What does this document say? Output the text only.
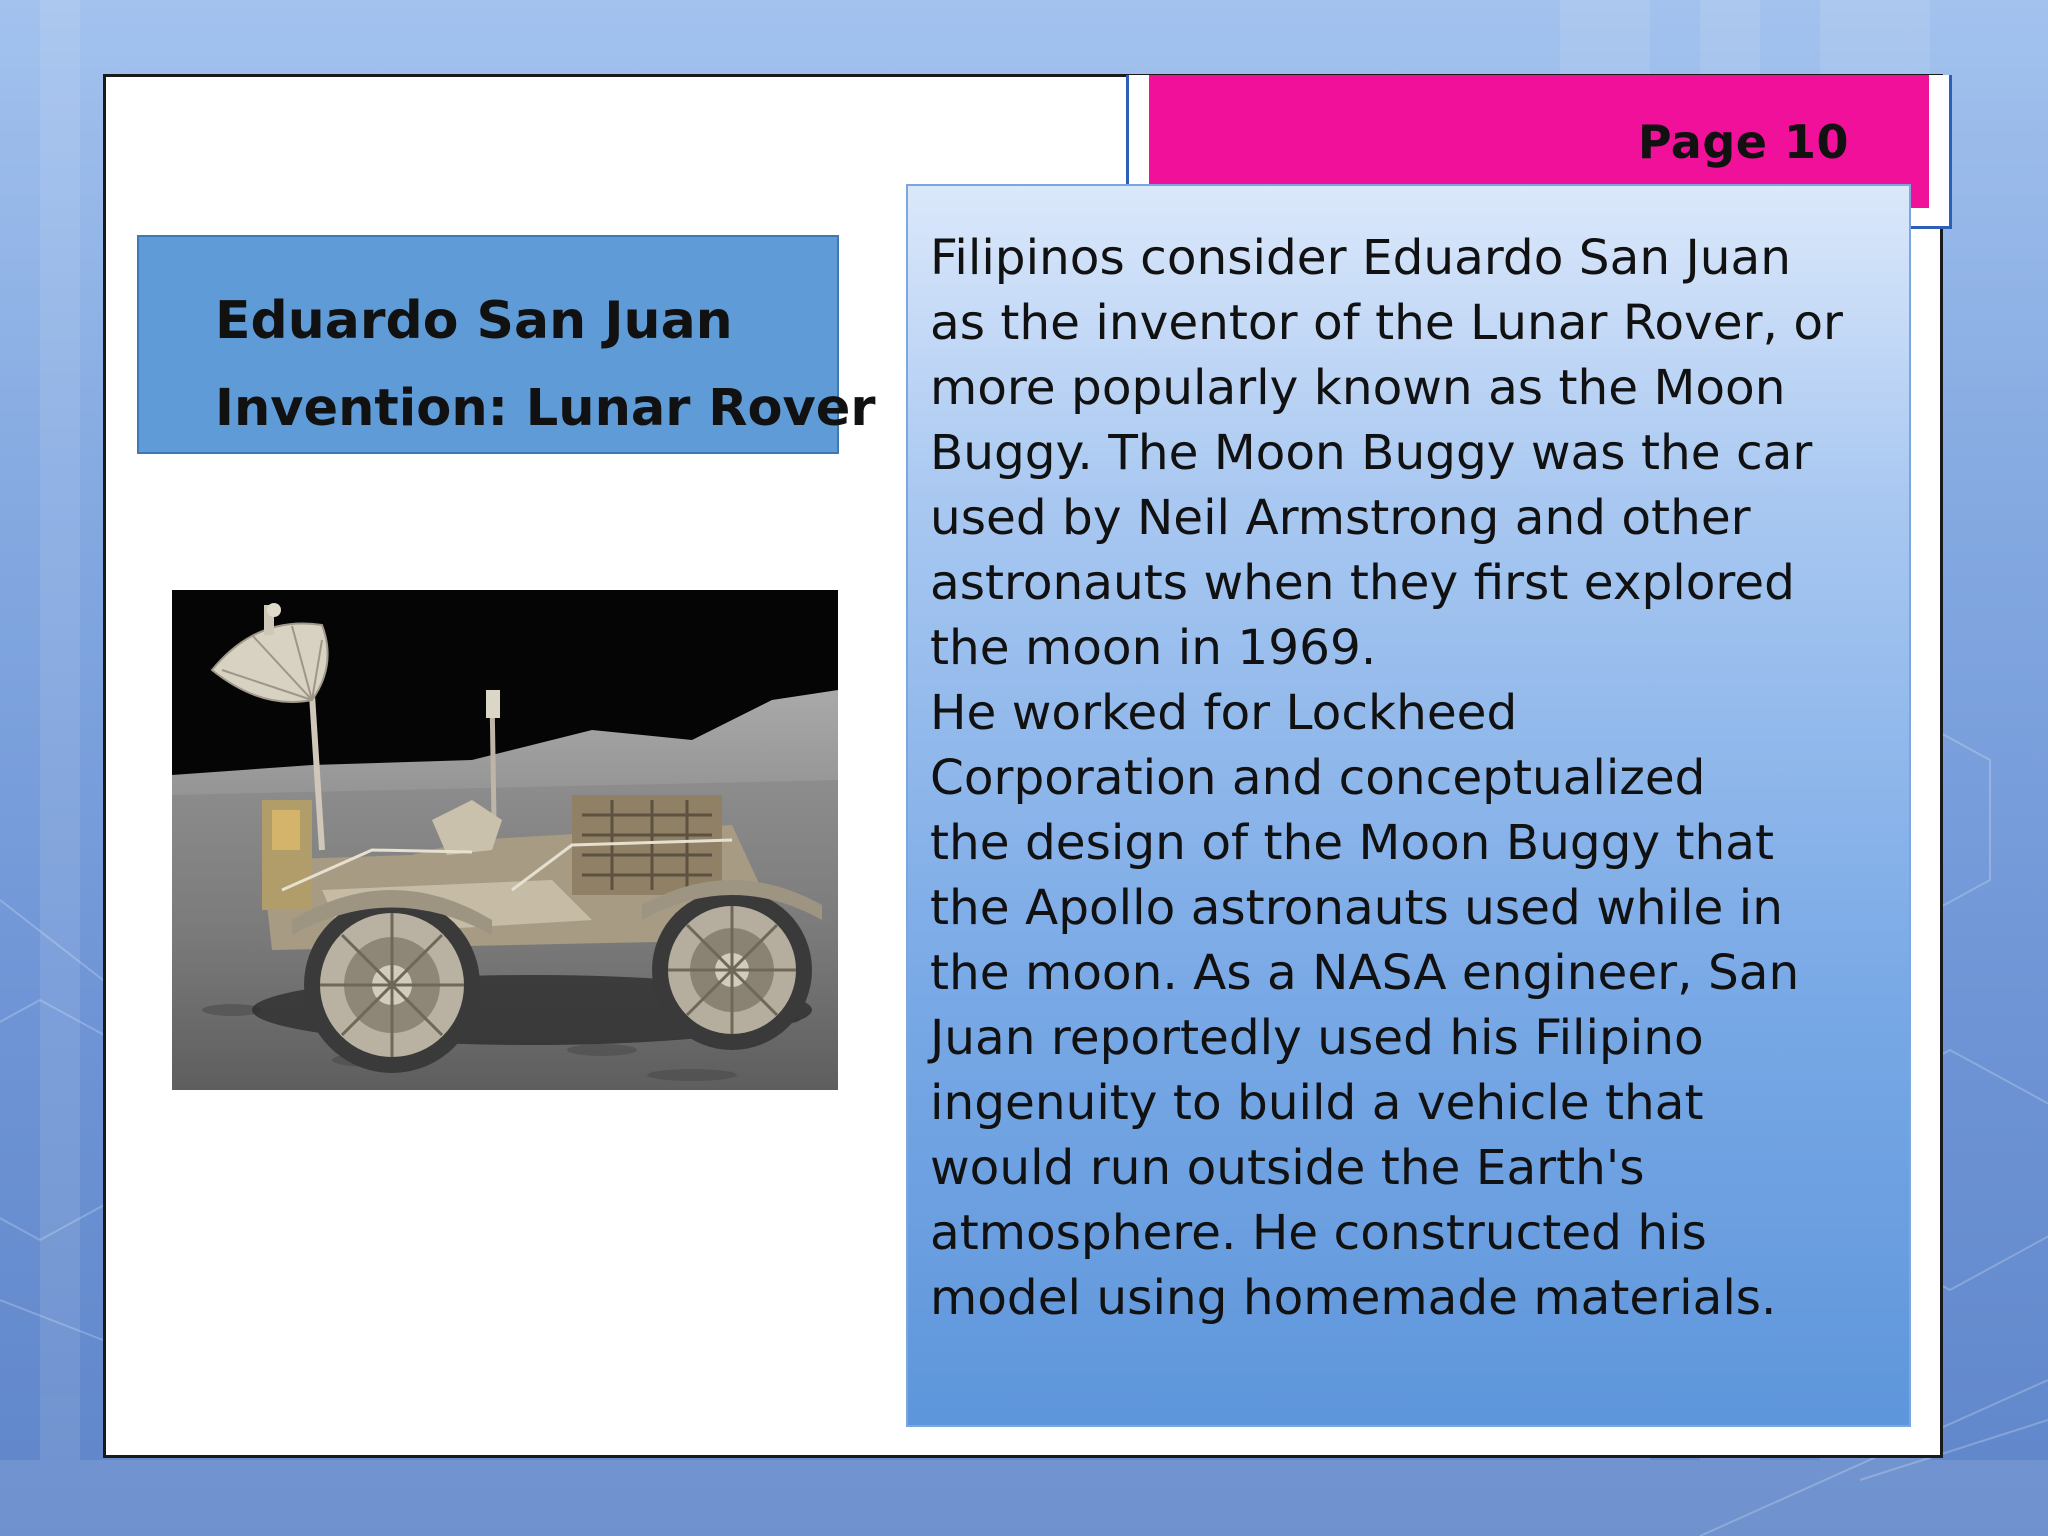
Page 10
Eduardo San Juan
Invention: Lunar Rover

Filipinos consider Eduardo San Juan
as the inventor of the Lunar Rover, or
more popularly known as the Moon
Buggy. The Moon Buggy was the car
used by Neil Armstrong and other
astronauts when they first explored
the moon in 1969.
He worked for Lockheed
Corporation and conceptualized
the design of the Moon Buggy that
the Apollo astronauts used while in
the moon. As a NASA engineer, San
Juan reportedly used his Filipino
ingenuity to build a vehicle that
would run outside the Earth's
atmosphere. He constructed his
model using homemade materials.
